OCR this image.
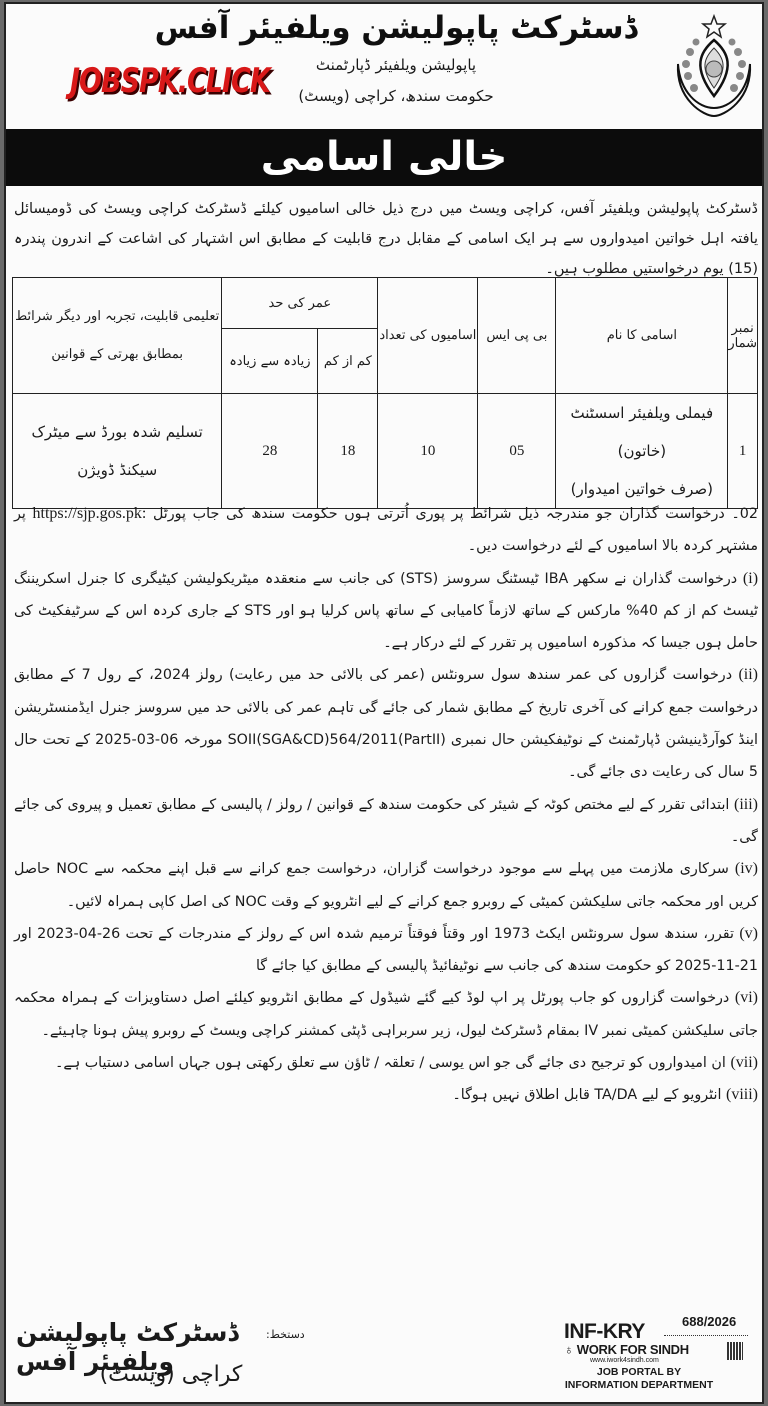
ڈسٹرکٹ پاپولیشن ویلفیئر آفس
پاپولیشن ویلفیئر ڈپارٹمنٹ
حکومت سندھ، کراچی (ویسٹ)
JOBSPK.CLICK
خالی اسامی

ڈسٹرکٹ پاپولیشن ویلفیئر آفس، کراچی ویسٹ میں درج ذیل خالی اسامیوں کیلئے ڈسٹرکٹ کراچی ویسٹ کی ڈومیسائل یافتہ اہل خواتین امیدواروں سے ہر ایک اسامی کے مقابل درج قابلیت کے مطابق اس اشتہار کی اشاعت کے اندرون پندرہ (15) یوم درخواستیں مطلوب ہیں۔

نمبر شمار	اسامی کا نام	بی پی ایس	اسامیوں کی تعداد	عمر کی حد		تعلیمی قابلیت، تجربہ اور دیگر شرائط
بمطابق بھرتی کے قوانین

				کم از کم	زیادہ سے زیادہ	
1	فیملی ویلفیئر اسسٹنٹ (خاتون)
(صرف خواتین امیدوار)	05	10	18	28	تسلیم شدہ بورڈ سے میٹرک
سیکنڈ ڈویژن

02۔ درخواست گذاران جو مندرجہ ذیل شرائط پر پوری اُترتی ہوں حکومت سندھ کی جاب پورٹل https://sjp.gos.pk: پر مشتہر کردہ بالا اسامیوں کے لئے درخواست دیں۔

(i) درخواست گذاران نے سکھر IBA ٹیسٹنگ سروسز (STS) کی جانب سے منعقدہ میٹریکولیشن کیٹیگری کا جنرل اسکریننگ ٹیسٹ کم از کم 40% مارکس کے ساتھ لازماً کامیابی کے ساتھ پاس کرلیا ہو اور STS کے جاری کردہ اس کے سرٹیفکیٹ کی حامل ہوں جیسا کہ مذکورہ اسامیوں پر تقرر کے لئے درکار ہے۔

(ii) درخواست گزاروں کی عمر سندھ سول سرونٹس (عمر کی بالائی حد میں رعایت) رولز 2024، کے رول 7 کے مطابق درخواست جمع کرانے کی آخری تاریخ کے مطابق شمار کی جائے گی تاہم عمر کی بالائی حد میں سروسز جنرل ایڈمنسٹریشن اینڈ کوآرڈینیشن ڈپارٹمنٹ کے نوٹیفکیشن حال نمبری SOII(SGA&CD)564/2011(PartII) مورخہ 06-03-2025 کے تحت حال 5 سال کی رعایت دی جائے گی۔

(iii) ابتدائی تقرر کے لیے مختص کوٹہ کے شیئر کی حکومت سندھ کے قوانین / رولز / پالیسی کے مطابق تعمیل و پیروی کی جائے گی۔

(iv) سرکاری ملازمت میں پہلے سے موجود درخواست گزاران، درخواست جمع کرانے سے قبل اپنے محکمہ سے NOC حاصل کریں اور محکمہ جاتی سلیکشن کمیٹی کے روبرو جمع کرانے کے لیے انٹرویو کے وقت NOC کی اصل کاپی ہمراہ لائیں۔

(v) تقرر، سندھ سول سرونٹس ایکٹ 1973 اور وقتاً فوقتاً ترمیم شدہ اس کے رولز کے مندرجات کے تحت 26-04-2023 اور 21-11-2025 کو حکومت سندھ کی جانب سے نوٹیفائیڈ پالیسی کے مطابق کیا جائے گا

(vi) درخواست گزاروں کو جاب پورٹل پر اپ لوڈ کیے گئے شیڈول کے مطابق انٹرویو کیلئے اصل دستاویزات کے ہمراہ محکمہ جاتی سلیکشن کمیٹی نمبر IV بمقام ڈسٹرکٹ لیول، زیر سربراہی ڈپٹی کمشنر کراچی ویسٹ کے روبرو پیش ہونا چاہیئے۔

(vii) ان امیدواروں کو ترجیح دی جائے گی جو اس یوسی / تعلقہ / ٹاؤن سے تعلق رکھتی ہوں جہاں اسامی دستیاب ہے۔

(viii) انٹرویو کے لیے TA/DA قابل اطلاق نہیں ہوگا۔

دستخط:
ڈسٹرکٹ پاپولیشن ویلفیئر آفس
کراچی (ویسٹ)
INF-KRY	688/2026
♁ WORK FOR SINDH
www.iwork4sindh.com
JOB PORTAL BY
INFORMATION DEPARTMENT
